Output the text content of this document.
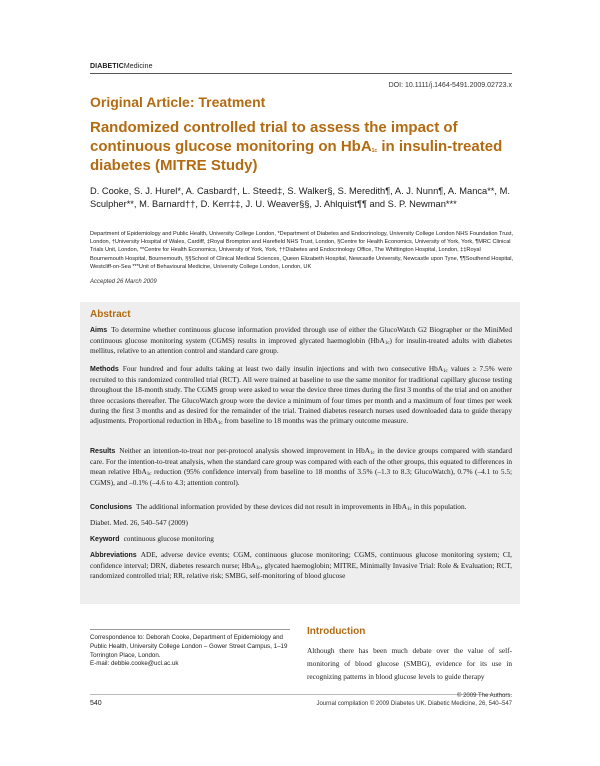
DIABETICMedicine
DOI: 10.1111/j.1464-5491.2009.02723.x
Original Article: Treatment
Randomized controlled trial to assess the impact of continuous glucose monitoring on HbA$_{1c}$ in insulin-treated diabetes (MITRE Study)
D. Cooke, S. J. Hurel*, A. Casbard†, L. Steed‡, S. Walker§, S. Meredith¶, A. J. Nunn¶, A. Manca**, M. Sculpher**, M. Barnard††, D. Kerr‡‡, J. U. Weaver§§, J. Ahlquist¶¶ and S. P. Newman***
Department of Epidemiology and Public Health, University College London, *Department of Diabetes and Endocrinology, University College London NHS Foundation Trust, London, †University Hospital of Wales, Cardiff, ‡Royal Brompton and Harefield NHS Trust, London, §Centre for Health Economics, University of York, York, ¶MRC Clinical Trials Unit, London, **Centre for Health Economics, University of York, York, ††Diabetes and Endocrinology Office, The Whittington Hospital, London, ‡‡Royal Bournemouth Hospital, Bournemouth, §§School of Clinical Medical Sciences, Queen Elizabeth Hospital, Newcastle University, Newcastle upon Tyne, ¶¶Southend Hospital, Westcliff-on-Sea ***Unit of Behavioural Medicine, University College London, London, UK
Accepted 26 March 2009
Abstract
Aims To determine whether continuous glucose information provided through use of either the GlucoWatch G2 Biographer or the MiniMed continuous glucose monitoring system (CGMS) results in improved glycated haemoglobin (HbA$_{1c}$) for insulin-treated adults with diabetes mellitus, relative to an attention control and standard care group.
Methods Four hundred and four adults taking at least two daily insulin injections and with two consecutive HbA$_{1c}$ values ≥ 7.5% were recruited to this randomized controlled trial (RCT). All were trained at baseline to use the same monitor for traditional capillary glucose testing throughout the 18-month study. The CGMS group were asked to wear the device three times during the first 3 months of the trial and on another three occasions thereafter. The GlucoWatch group wore the device a minimum of four times per month and a maximum of four times per week during the first 3 months and as desired for the remainder of the trial. Trained diabetes research nurses used downloaded data to guide therapy adjustments. Proportional reduction in HbA$_{1c}$ from baseline to 18 months was the primary outcome measure.
Results Neither an intention-to-treat nor per-protocol analysis showed improvement in HbA$_{1c}$ in the device groups compared with standard care. For the intention-to-treat analysis, when the standard care group was compared with each of the other groups, this equated to differences in mean relative HbA$_{1c}$ reduction (95% confidence interval) from baseline to 18 months of 3.5% (–1.3 to 8.3; GlucoWatch), 0.7% (–4.1 to 5.5; CGMS), and –0.1% (–4.6 to 4.3; attention control).
Conclusions The additional information provided by these devices did not result in improvements in HbA$_{1c}$ in this population.
Diabet. Med. 26, 540–547 (2009)
Keyword continuous glucose monitoring
Abbreviations ADE, adverse device events; CGM, continuous glucose monitoring; CGMS, continuous glucose monitoring system; CI, confidence interval; DRN, diabetes research nurse; HbA$_{1c}$, glycated haemoglobin; MITRE, Minimally Invasive Trial: Role & Evaluation; RCT, randomized controlled trial; RR, relative risk; SMBG, self-monitoring of blood glucose
Correspondence to: Deborah Cooke, Department of Epidemiology and Public Health, University College London – Gower Street Campus, 1–19 Torrington Place, London.
E-mail: debbie.cooke@ucl.ac.uk
Introduction
Although there has been much debate over the value of self-monitoring of blood glucose (SMBG), evidence for its use in recognizing patterns in blood glucose levels to guide therapy
540
© 2009 The Authors.
Journal compilation © 2009 Diabetes UK. Diabetic Medicine, 26, 540–547
